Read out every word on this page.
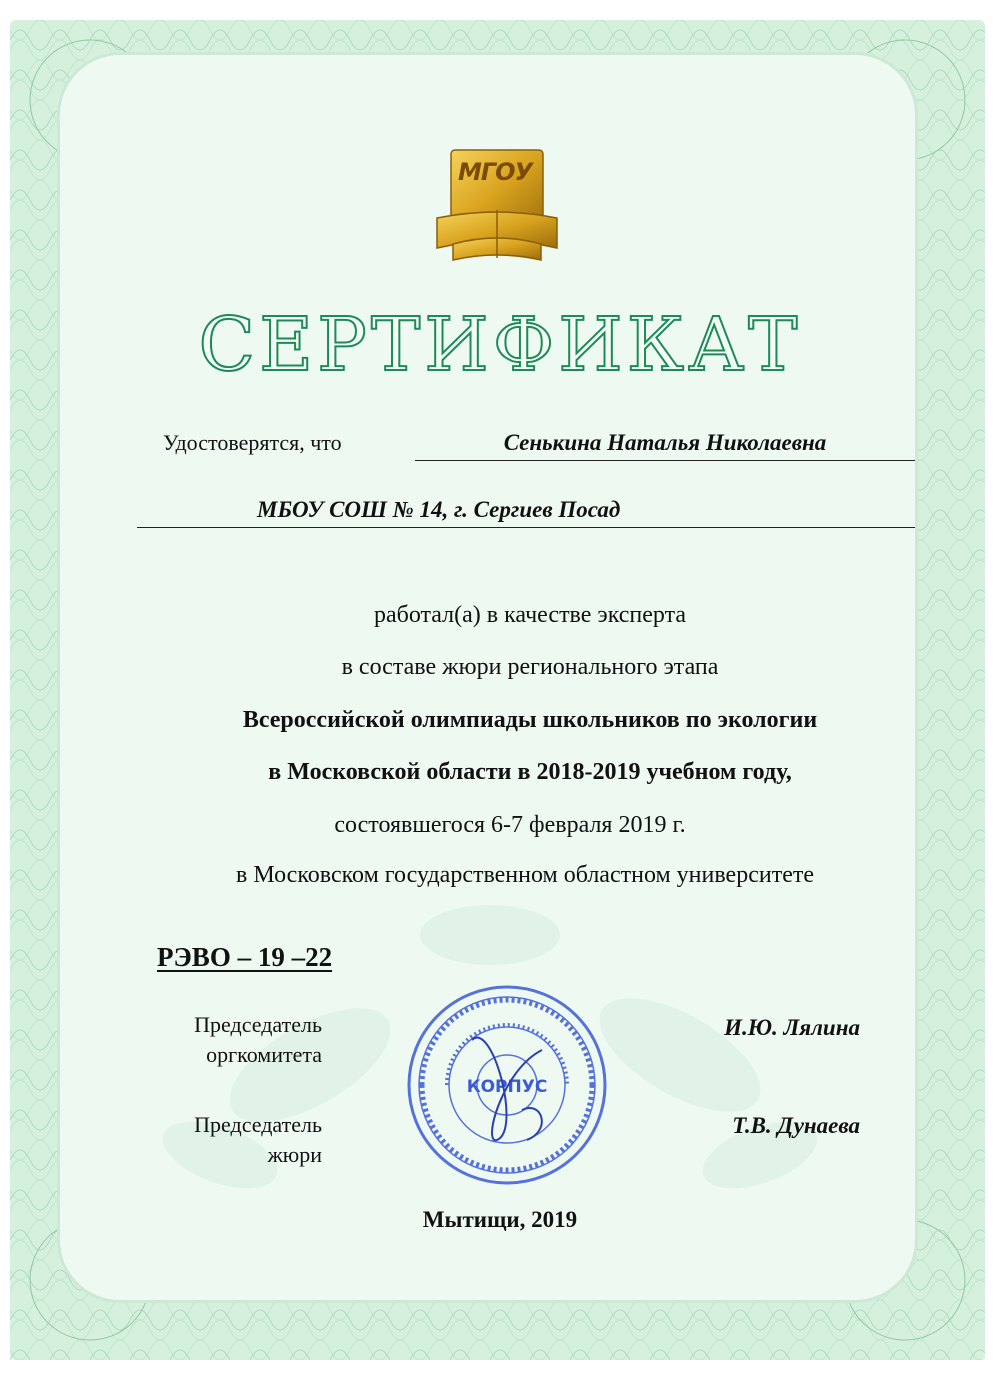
МГОУ
СЕРТИФИКАТ
Удостоверятся, что	Сенькина Наталья Николаевна
МБОУ СОШ № 14, г. Сергиев Посад
работал(а) в качестве эксперта
в составе жюри регионального этапа
Всероссийской олимпиады школьников по экологии
в Московской области в 2018-2019 учебном году,
состоявшегося 6-7 февраля 2019 г.
в Московском государственном областном университете
РЭВО – 19 –22
Председатель
оргкомитета
И.Ю. Лялина
Председатель
жюри
Т.В. Дунаева
КОРПУС
Мытищи, 2019
